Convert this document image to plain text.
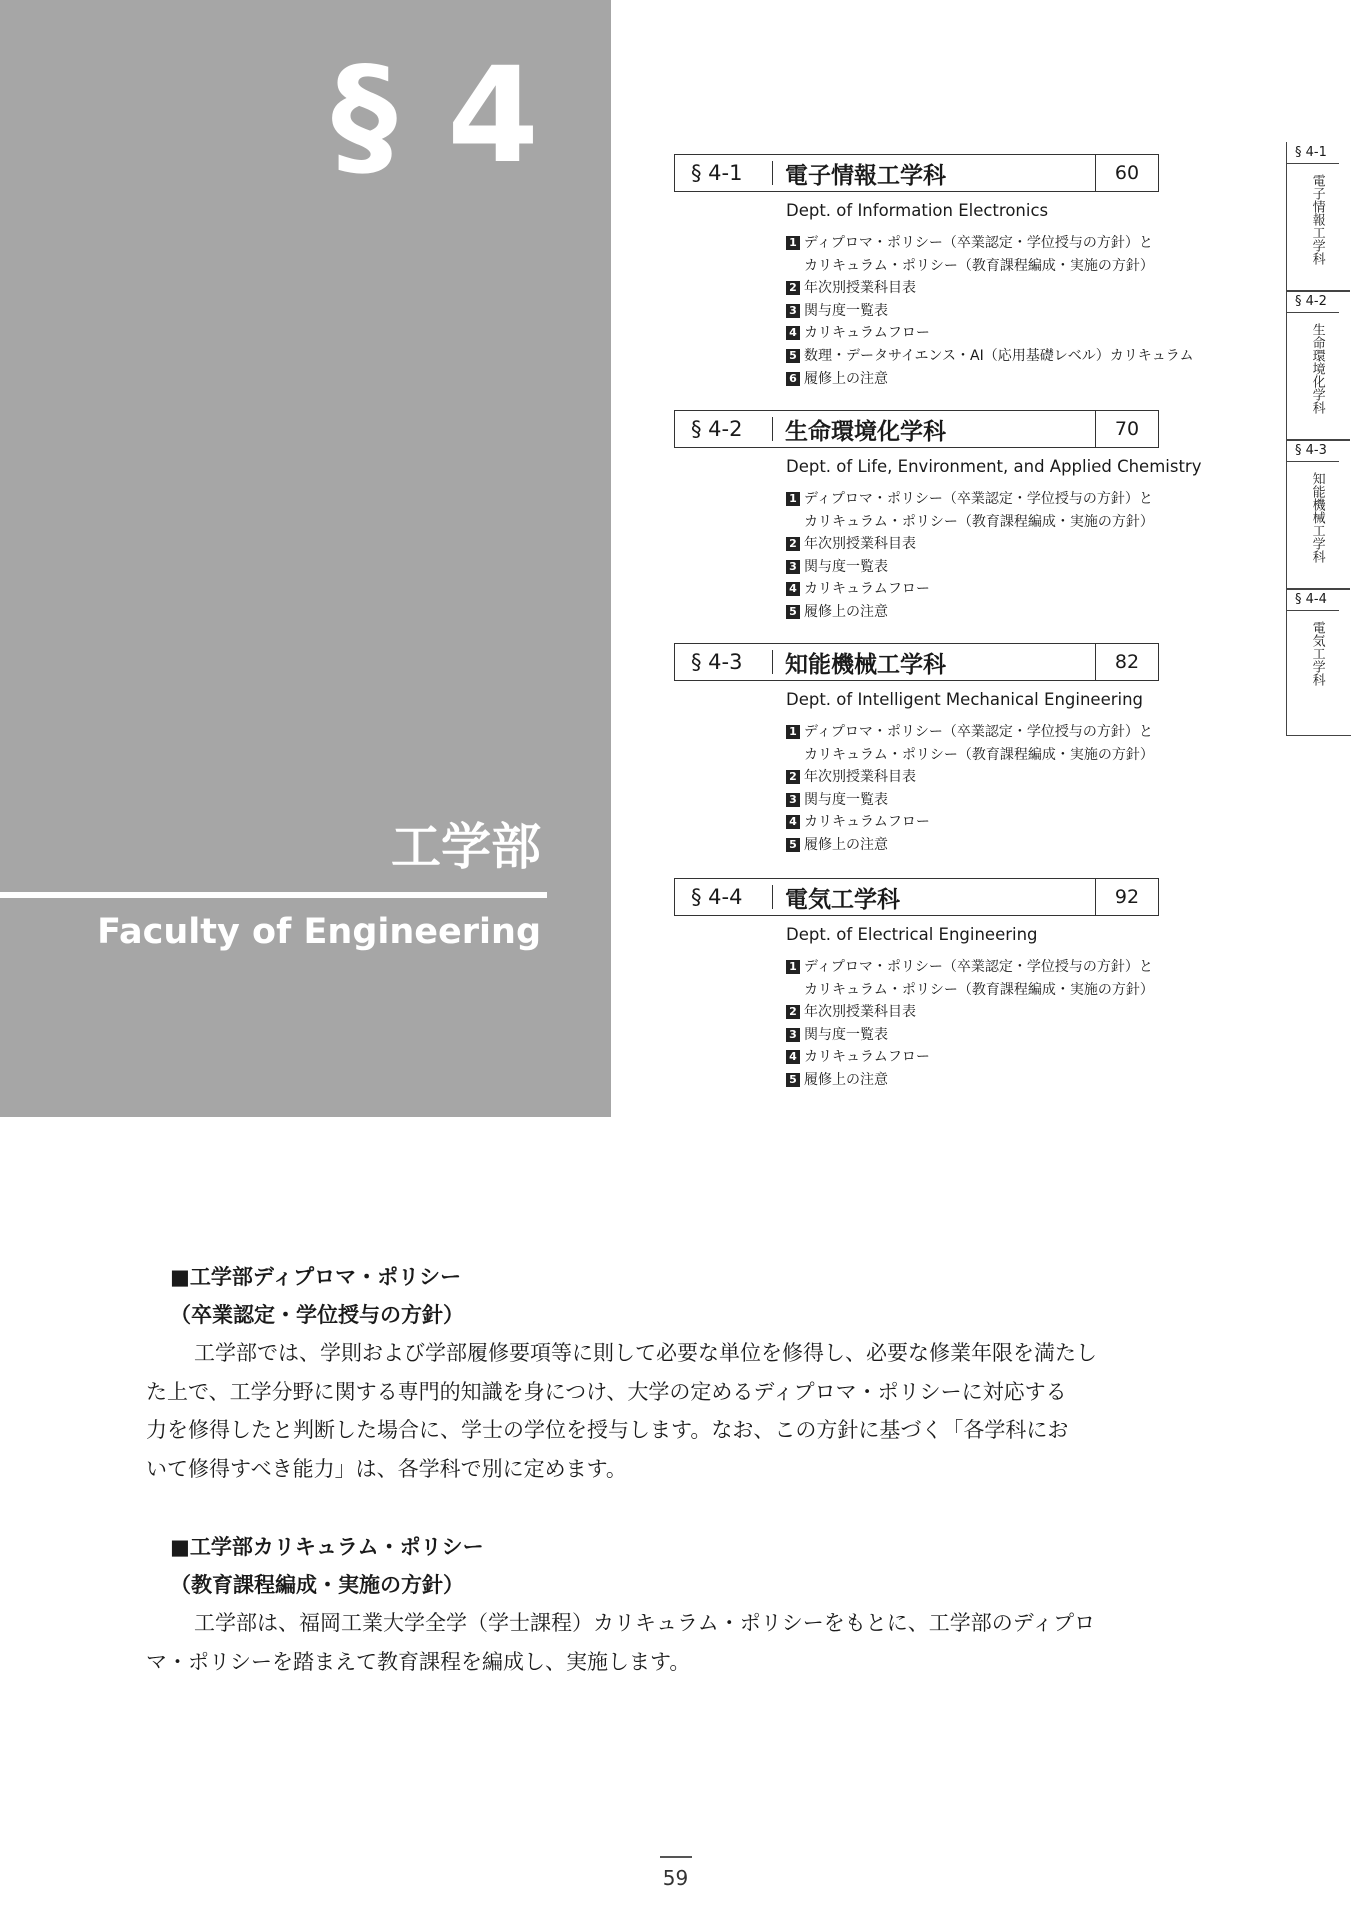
§ 4
工学部
Faculty of Engineering
§ 4-1	電子情報工学科	60
Dept. of Information Electronics
1 ディプロマ・ポリシー（卒業認定・学位授与の方針）と
カリキュラム・ポリシー（教育課程編成・実施の方針）
2 年次別授業科目表
3 関与度一覧表
4 カリキュラムフロー
5 数理・データサイエンス・AI（応用基礎レベル）カリキュラム
6 履修上の注意
§ 4-2	生命環境化学科	70
Dept. of Life, Environment, and Applied Chemistry
1 ディプロマ・ポリシー（卒業認定・学位授与の方針）と
カリキュラム・ポリシー（教育課程編成・実施の方針）
2 年次別授業科目表
3 関与度一覧表
4 カリキュラムフロー
5 履修上の注意
§ 4-3	知能機械工学科	82
Dept. of Intelligent Mechanical Engineering
1 ディプロマ・ポリシー（卒業認定・学位授与の方針）と
カリキュラム・ポリシー（教育課程編成・実施の方針）
2 年次別授業科目表
3 関与度一覧表
4 カリキュラムフロー
5 履修上の注意
§ 4-4	電気工学科	92
Dept. of Electrical Engineering
1 ディプロマ・ポリシー（卒業認定・学位授与の方針）と
カリキュラム・ポリシー（教育課程編成・実施の方針）
2 年次別授業科目表
3 関与度一覧表
4 カリキュラムフロー
5 履修上の注意
§ 4-1
電子情報工学科
§ 4-2
生命環境化学科
§ 4-3
知能機械工学科
§ 4-4
電気工学科
■工学部ディプロマ・ポリシー
（卒業認定・学位授与の方針）

工学部では、学則および学部履修要項等に則して必要な単位を修得し、必要な修業年限を満たし
た上で、工学分野に関する専門的知識を身につけ、大学の定めるディプロマ・ポリシーに対応する
力を修得したと判断した場合に、学士の学位を授与します。なお、この方針に基づく「各学科にお
いて修得すべき能力」は、各学科で別に定めます。

■工学部カリキュラム・ポリシー
（教育課程編成・実施の方針）

工学部は、福岡工業大学全学（学士課程）カリキュラム・ポリシーをもとに、工学部のディプロ
マ・ポリシーを踏まえて教育課程を編成し、実施します。

59
